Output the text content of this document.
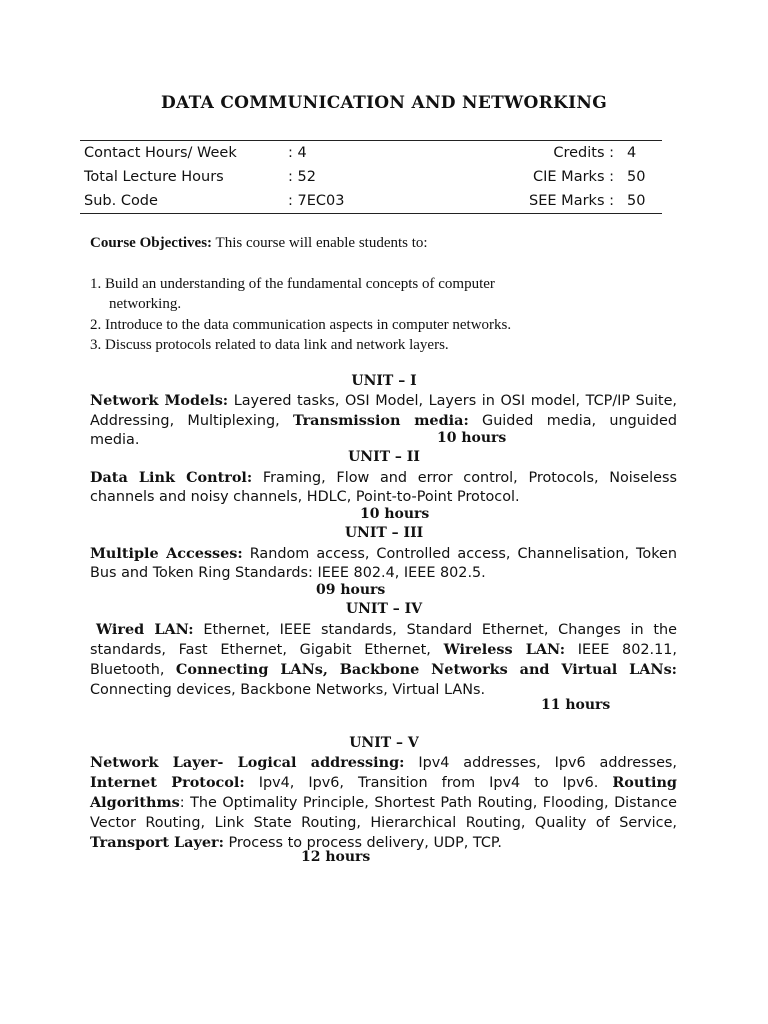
DATA COMMUNICATION AND NETWORKING
Contact Hours/ Week	: 4	Credits : 4
Total Lecture Hours	: 52	CIE Marks : 50
Sub. Code	: 7EC03	SEE Marks : 50
Course Objectives: This course will enable students to:
1. Build an understanding of the fundamental concepts of computer
networking.
2. Introduce to the data communication aspects in computer networks.
3. Discuss protocols related to data link and network layers.
UNIT – I
Network Models: Layered tasks, OSI Model, Layers in OSI model, TCP/IP Suite, Addressing, Multiplexing, Transmission media: Guided media, unguided media.	10 hours
UNIT – II
Data Link Control: Framing, Flow and error control, Protocols, Noiseless channels and noisy channels, HDLC, Point-to-Point Protocol.
10 hours
UNIT – III
Multiple Accesses: Random access, Controlled access, Channelisation, Token Bus and Token Ring Standards: IEEE 802.4, IEEE 802.5.
09 hours
UNIT – IV
Wired LAN: Ethernet, IEEE standards, Standard Ethernet, Changes in the standards, Fast Ethernet, Gigabit Ethernet, Wireless LAN: IEEE 802.11, Bluetooth, Connecting LANs, Backbone Networks and Virtual LANs: Connecting devices, Backbone Networks, Virtual LANs.
11 hours
UNIT – V
Network Layer- Logical addressing: Ipv4 addresses, Ipv6 addresses, Internet Protocol: Ipv4, Ipv6, Transition from Ipv4 to Ipv6. Routing Algorithms: The Optimality Principle, Shortest Path Routing, Flooding, Distance Vector Routing, Link State Routing, Hierarchical Routing, Quality of Service, Transport Layer: Process to process delivery, UDP, TCP.
12 hours
